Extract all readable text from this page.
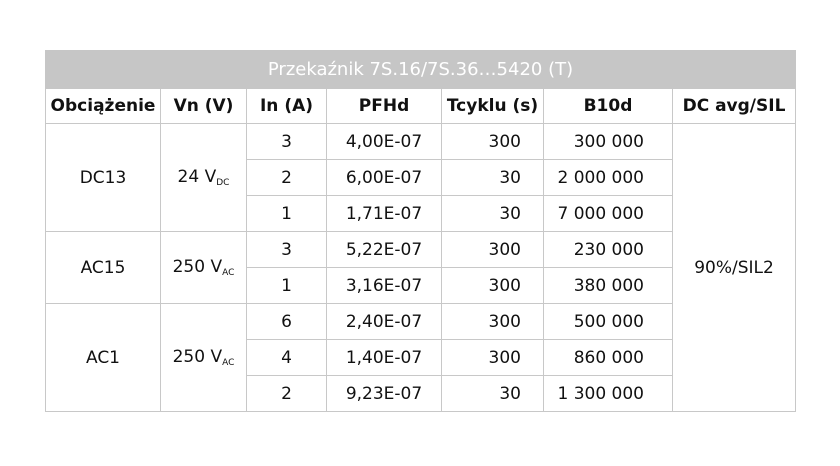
Przekaźnik 7S.16/7S.36…5420 (T)						
Obciążenie	Vn (V)	In (A)	PFHd	Tcyklu (s)	B10d	DC avg/SIL
DC13	24 $V_{DC}$	3	4,00E-07	300	300 000	90%/SIL2
		2	6,00E-07	30	2 000 000	
		1	1,71E-07	30	7 000 000	
AC15	250 $V_{AC}$	3	5,22E-07	300	230 000	
		1	3,16E-07	300	380 000	
AC1	250 $V_{AC}$	6	2,40E-07	300	500 000	
		4	1,40E-07	300	860 000	
		2	9,23E-07	30	1 300 000	
